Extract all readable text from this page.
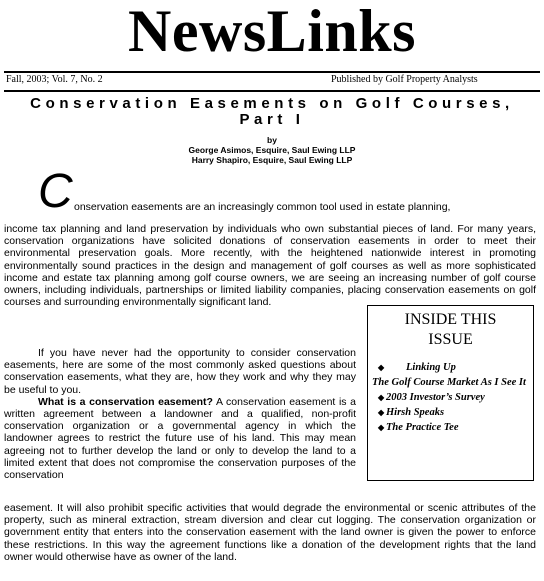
NewsLinks
Fall, 2003; Vol. 7, No. 2	Published by Golf Property Analysts
Conservation Easements on Golf Courses,
Part I
by
George Asimos, Esquire, Saul Ewing LLP
Harry Shapiro, Esquire, Saul Ewing LLP
C onservation easements are an increasingly common tool used in estate planning,

income tax planning and land preservation by individuals who own substantial pieces of land. For many years, conservation organizations have solicited donations of conservation easements in order to meet their environmental preservation goals. More recently, with the heightened nationwide interest in promoting environmentally sound practices in the design and management of golf courses as well as more sophisticated income and estate tax planning among golf course owners, we are seeing an increasing number of golf course owners, including individuals, partnerships or limited liability companies, placing conservation easements on golf courses and surrounding environmentally significant land.

If you have never had the opportunity to consider conservation easements, here are some of the most commonly asked questions about conservation easements, what they are, how they work and why they may be useful to you.

What is a conservation easement? A conservation easement is a written agreement between a landowner and a qualified, non-profit conservation organization or a governmental agency in which the landowner agrees to restrict the future use of his land. This may mean agreeing not to further develop the land or only to develop the land to a limited extent that does not compromise the conservation purposes of the conservation

easement. It will also prohibit specific activities that would degrade the environmental or scenic attributes of the property, such as mineral extraction, stream diversion and clear cut logging. The conservation organization or government entity that enters into the conservation easement with the land owner is given the power to enforce these restrictions. In this way the agreement functions like a donation of the development rights that the land owner would otherwise have as owner of the land.

INSIDE THIS
ISSUE
◆ Linking Up
The Golf Course Market As I See It
◆ 2003 Investor’s Survey
◆ Hirsh Speaks
◆ The Practice Tee
